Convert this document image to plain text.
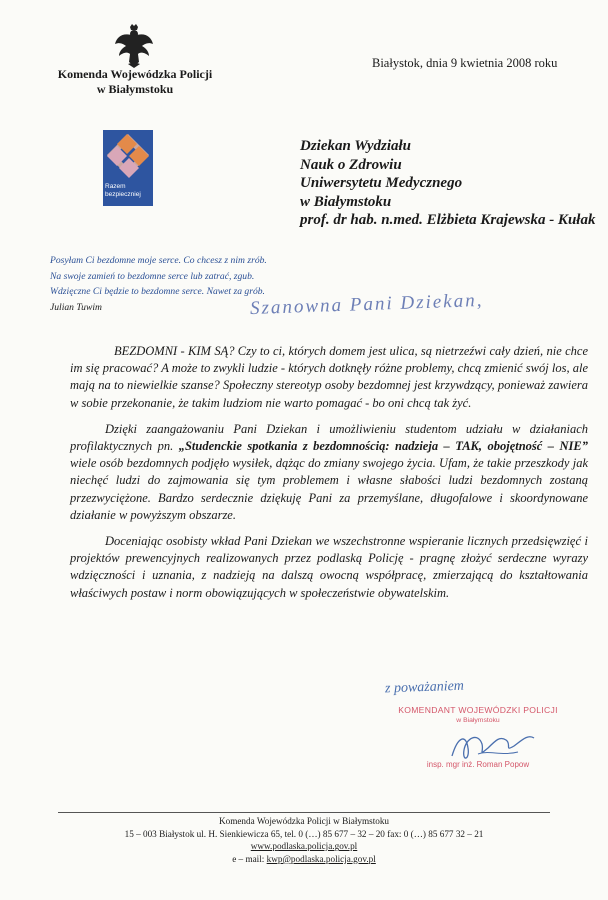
Komenda Wojewódzka Policji
w Białymstoku
Białystok, dnia 9 kwietnia 2008 roku
Razem
bezpieczniej
Dziekan Wydziału
Nauk o Zdrowiu
Uniwersytetu Medycznego
w Białymstoku
prof. dr hab. n.med. Elżbieta Krajewska - Kułak
Posyłam Ci bezdomne moje serce. Co chcesz z nim zrób.
Na swoje zamień to bezdomne serce lub zatrać, zgub.
Wdzięczne Ci będzie to bezdomne serce. Nawet za grób.
Julian Tuwim	Szanowna Pani Dziekan,

BEZDOMNI - KIM SĄ? Czy to ci, których domem jest ulica, są nietrzeźwi cały dzień, nie chce im się pracować? A może to zwykli ludzie - których dotknęły różne problemy, chcą zmienić swój los, ale mają na to niewielkie szanse? Społeczny stereotyp osoby bezdomnej jest krzywdzący, ponieważ zawiera w sobie przekonanie, że takim ludziom nie warto pomagać - bo oni chcą tak żyć.

Dzięki zaangażowaniu Pani Dziekan i umożliwieniu studentom udziału w działaniach profilaktycznych pn. „Studenckie spotkania z bezdomnością: nadzieja – TAK, obojętność – NIE” wiele osób bezdomnych podjęło wysiłek, dążąc do zmiany swojego życia. Ufam, że takie przeszkody jak niechęć ludzi do zajmowania się tym problemem i własne słabości ludzi bezdomnych zostaną przezwyciężone. Bardzo serdecznie dziękuję Pani za przemyślane, długofalowe i skoordynowane działanie w powyższym obszarze.

Doceniając osobisty wkład Pani Dziekan we wszechstronne wspieranie licznych przedsięwzięć i projektów prewencyjnych realizowanych przez podlaską Policję - pragnę złożyć serdeczne wyrazy wdzięczności i uznania, z nadzieją na dalszą owocną współpracę, zmierzającą do kształtowania właściwych postaw i norm obowiązujących w społeczeństwie obywatelskim.

z poważaniem
KOMENDANT WOJEWÓDZKI POLICJI
w Białymstoku
insp. mgr inż. Roman Popow
Komenda Wojewódzka Policji w Białymstoku
15 – 003 Białystok ul. H. Sienkiewicza 65, tel. 0 (…) 85 677 – 32 – 20 fax: 0 (…) 85 677 32 – 21
www.podlaska.policja.gov.pl
e – mail: kwp@podlaska.policja.gov.pl
